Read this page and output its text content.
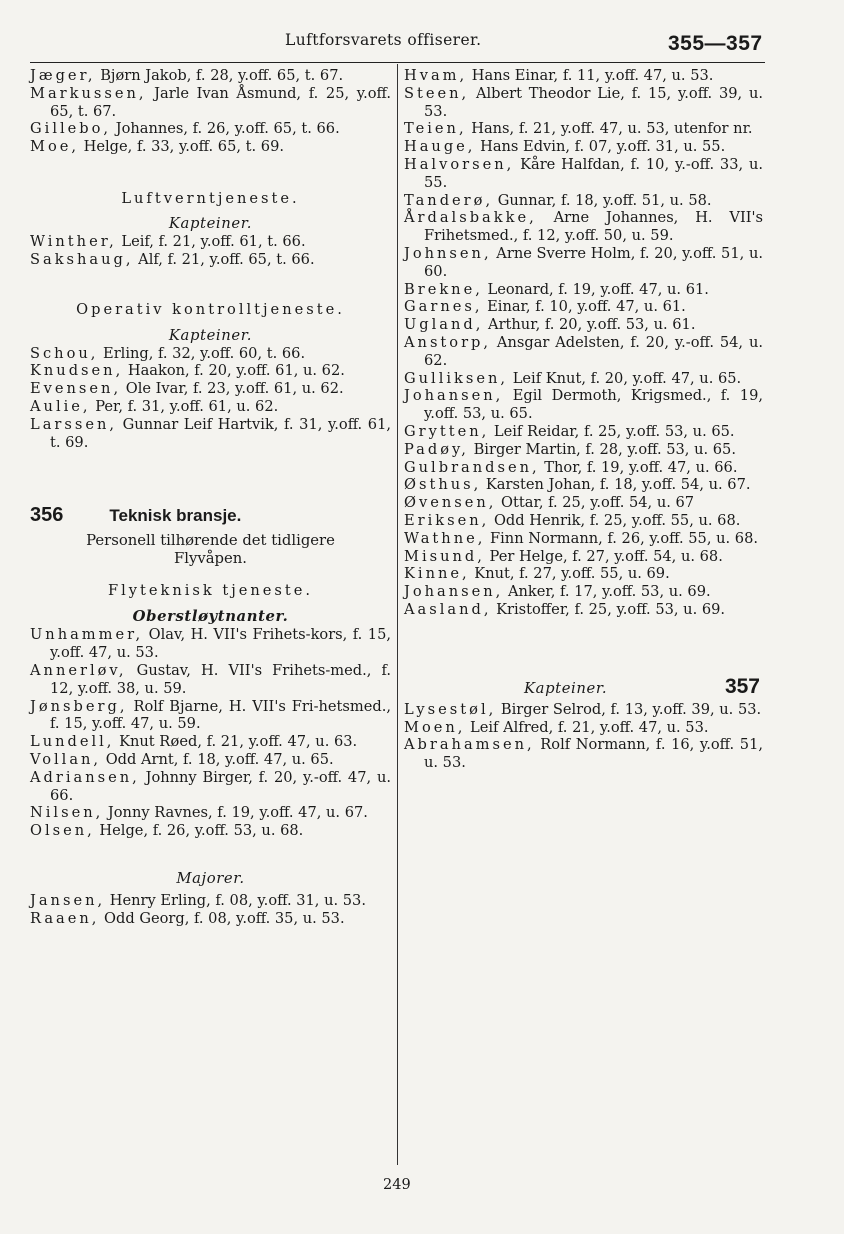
Luftforsvarets offiserer.	355—357
Jæger, Bjørn Jakob, f. 28, y.off. 65, t. 67.
Markussen, Jarle Ivan Åsmund, f. 25, y.off. 65, t. 67.
Gillebo, Johannes, f. 26, y.off. 65, t. 66.
Moe, Helge, f. 33, y.off. 65, t. 69.
Luftverntjeneste.
Kapteiner.
Winther, Leif, f. 21, y.off. 61, t. 66.
Sakshaug, Alf, f. 21, y.off. 65, t. 66.
Operativ kontrolltjeneste.
Kapteiner.
Schou, Erling, f. 32, y.off. 60, t. 66.
Knudsen, Haakon, f. 20, y.off. 61, u. 62.
Evensen, Ole Ivar, f. 23, y.off. 61, u. 62.
Aulie, Per, f. 31, y.off. 61, u. 62.
Larssen, Gunnar Leif Hartvik, f. 31, y.off. 61, t. 69.
356	Teknisk bransje.
Personell tilhørende det tidligere Flyvåpen.
Flyteknisk tjeneste.
Oberstløytnanter.
Unhammer, Olav, H. VII's Frihets-kors, f. 15, y.off. 47, u. 53.
Annerløv, Gustav, H. VII's Frihets-med., f. 12, y.off. 38, u. 59.
Jønsberg, Rolf Bjarne, H. VII's Fri-hetsmed., f. 15, y.off. 47, u. 59.
Lundell, Knut Røed, f. 21, y.off. 47, u. 63.
Vollan, Odd Arnt, f. 18, y.off. 47, u. 65.
Adriansen, Johnny Birger, f. 20, y.-off. 47, u. 66.
Nilsen, Jonny Ravnes, f. 19, y.off. 47, u. 67.
Olsen, Helge, f. 26, y.off. 53, u. 68.
Majorer.
Jansen, Henry Erling, f. 08, y.off. 31, u. 53.
Raaen, Odd Georg, f. 08, y.off. 35, u. 53.
Hvam, Hans Einar, f. 11, y.off. 47, u. 53.
Steen, Albert Theodor Lie, f. 15, y.off. 39, u. 53.
Teien, Hans, f. 21, y.off. 47, u. 53, utenfor nr.
Hauge, Hans Edvin, f. 07, y.off. 31, u. 55.
Halvorsen, Kåre Halfdan, f. 10, y.-off. 33, u. 55.
Tanderø, Gunnar, f. 18, y.off. 51, u. 58.
Årdalsbakke, Arne Johannes, H. VII's Frihetsmed., f. 12, y.off. 50, u. 59.
Johnsen, Arne Sverre Holm, f. 20, y.off. 51, u. 60.
Brekne, Leonard, f. 19, y.off. 47, u. 61.
Garnes, Einar, f. 10, y.off. 47, u. 61.
Ugland, Arthur, f. 20, y.off. 53, u. 61.
Anstorp, Ansgar Adelsten, f. 20, y.-off. 54, u. 62.
Gulliksen, Leif Knut, f. 20, y.off. 47, u. 65.
Johansen, Egil Dermoth, Krigsmed., f. 19, y.off. 53, u. 65.
Grytten, Leif Reidar, f. 25, y.off. 53, u. 65.
Padøy, Birger Martin, f. 28, y.off. 53, u. 65.
Gulbrandsen, Thor, f. 19, y.off. 47, u. 66.
Østhus, Karsten Johan, f. 18, y.off. 54, u. 67.
Øvensen, Ottar, f. 25, y.off. 54, u. 67
Eriksen, Odd Henrik, f. 25, y.off. 55, u. 68.
Wathne, Finn Normann, f. 26, y.off. 55, u. 68.
Misund, Per Helge, f. 27, y.off. 54, u. 68.
Kinne, Knut, f. 27, y.off. 55, u. 69.
Johansen, Anker, f. 17, y.off. 53, u. 69.
Aasland, Kristoffer, f. 25, y.off. 53, u. 69.
Kapteiner.	357
Lysestøl, Birger Selrod, f. 13, y.off. 39, u. 53.
Moen, Leif Alfred, f. 21, y.off. 47, u. 53.
Abrahamsen, Rolf Normann, f. 16, y.off. 51, u. 53.
249
